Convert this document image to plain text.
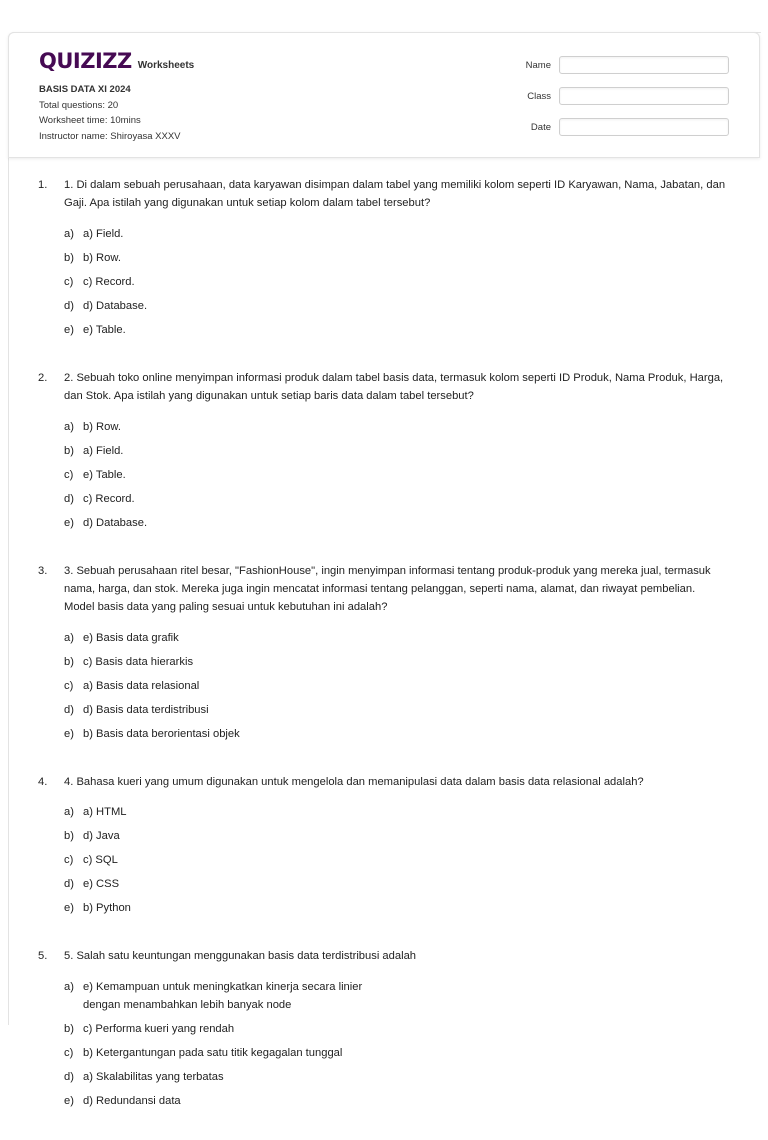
QUIZIZZ Worksheets
BASIS DATA XI 2024
Total questions: 20
Worksheet time: 10mins
Instructor name: Shiroyasa XXXV
Name
Class
Date
1.	1. Di dalam sebuah perusahaan, data karyawan disimpan dalam tabel yang memiliki kolom seperti ID Karyawan, Nama, Jabatan, dan Gaji. Apa istilah yang digunakan untuk setiap kolom dalam tabel tersebut?
a) a) Field.
b) b) Row.
c) c) Record.
d) d) Database.
e) e) Table.
2.	2. Sebuah toko online menyimpan informasi produk dalam tabel basis data, termasuk kolom seperti ID Produk, Nama Produk, Harga, dan Stok. Apa istilah yang digunakan untuk setiap baris data dalam tabel tersebut?
a) b) Row.
b) a) Field.
c) e) Table.
d) c) Record.
e) d) Database.
3.	3. Sebuah perusahaan ritel besar, "FashionHouse", ingin menyimpan informasi tentang produk-produk yang mereka jual, termasuk nama, harga, dan stok. Mereka juga ingin mencatat informasi tentang pelanggan, seperti nama, alamat, dan riwayat pembelian. Model basis data yang paling sesuai untuk kebutuhan ini adalah?
a) e) Basis data grafik
b) c) Basis data hierarkis
c) a) Basis data relasional
d) d) Basis data terdistribusi
e) b) Basis data berorientasi objek
4.	4. Bahasa kueri yang umum digunakan untuk mengelola dan memanipulasi data dalam basis data relasional adalah?
a) a) HTML
b) d) Java
c) c) SQL
d) e) CSS
e) b) Python
5.	5. Salah satu keuntungan menggunakan basis data terdistribusi adalah
a) e) Kemampuan untuk meningkatkan kinerja secara linier dengan menambahkan lebih banyak node
b) c) Performa kueri yang rendah
c) b) Ketergantungan pada satu titik kegagalan tunggal
d) a) Skalabilitas yang terbatas
e) d) Redundansi data
